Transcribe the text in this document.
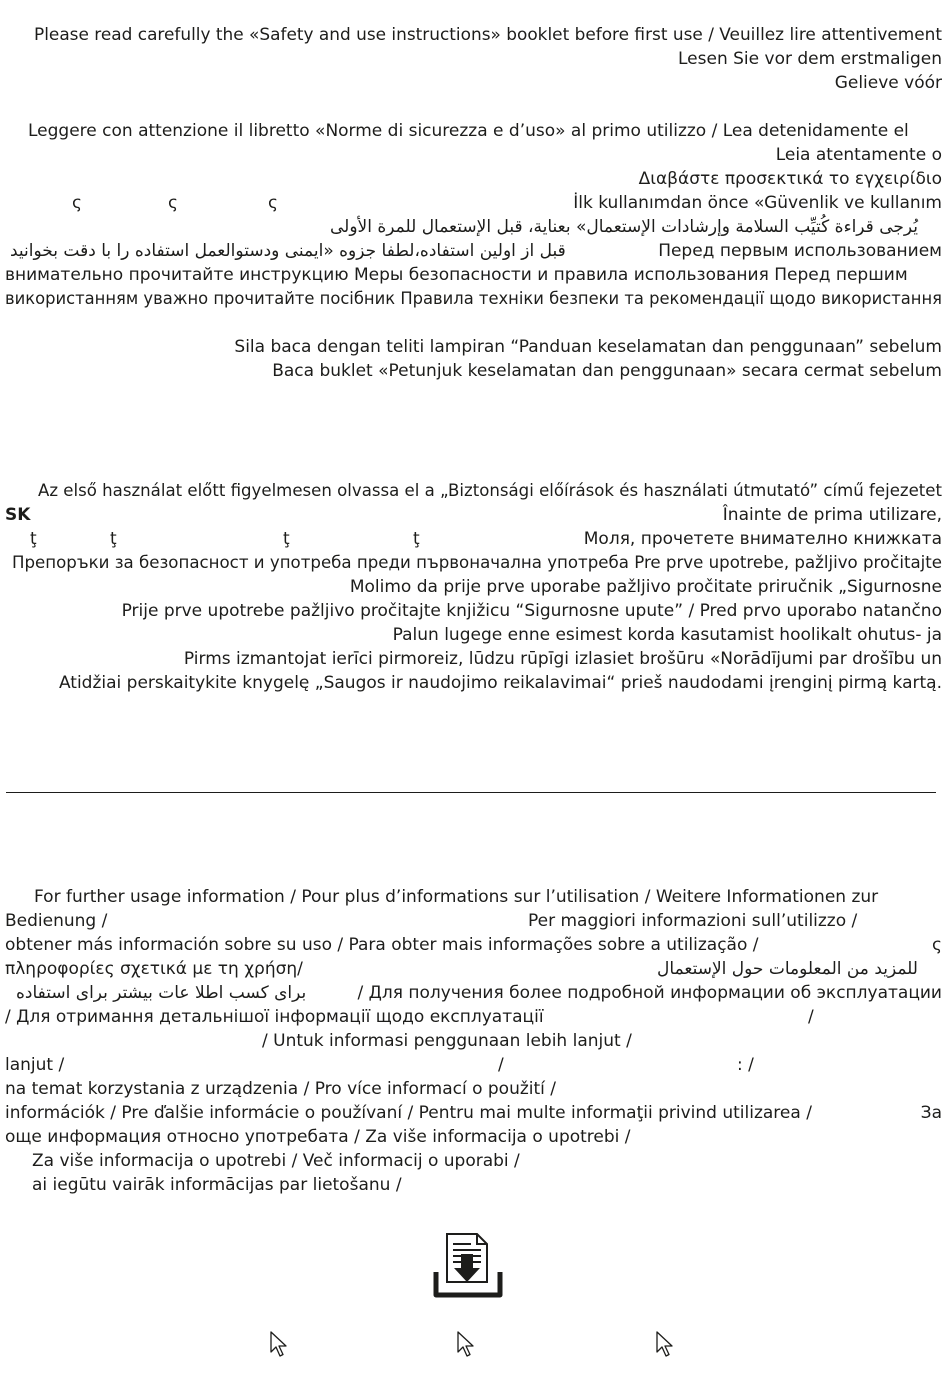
Please read carefully the «Safety and use instructions» booklet before first use / Veuillez lire attentivement
Lesen Sie vor dem erstmaligen
Gelieve vóór
Leggere con attenzione il libretto «Norme di sicurezza e d’uso» al primo utilizzo / Lea detenidamente el
Leia atentamente o
Διαβάστε προσεκτικά το εγχειρίδιο
İlk kullanımdan önce «Güvenlik ve kullanım
ς	ς	ς
يُرجى قراءة كُتيِّب السلامة وإرشادات الإستعمال» بعناية، قبل الإستعمال للمرة الأولى
قبل از اولین استفاده،لطفا جزوه «ایمنی ودستوالعمل استفاده را با دقت بخوانید	Перед первым использованием
внимательно прочитайте инструкцию Меры безопасности и правила использования Перед першим
використанням уважно прочитайте посібник Правила техніки безпеки та рекомендації щодо використання
Sila baca dengan teliti lampiran “Panduan keselamatan dan penggunaan” sebelum
Baca buklet «Petunjuk keselamatan dan penggunaan» secara cermat sebelum
Az első használat előtt figyelmesen olvassa el a „Biztonsági előírások és használati útmutató” című fejezetet
SK	Înainte de prima utilizare,
ţ	ţ	ţ	ţ	Моля, прочетете внимателно книжката
Препоръки за безопасност и употреба преди първоначална употреба Pre prve upotrebe, pažljivo pročitajte
Molimo da prije prve uporabe pažljivo pročitate priručnik „Sigurnosne
Prije prve upotrebe pažljivo pročitajte knjižicu “Sigurnosne upute” / Pred prvo uporabo natančno
Palun lugege enne esimest korda kasutamist hoolikalt ohutus- ja
Pirms izmantojat ierīci pirmoreiz, lūdzu rūpīgi izlasiet brošūru «Norādījumi par drošību un
Atidžiai perskaitykite knygelę „Saugos ir naudojimo reikalavimai“ prieš naudodami įrenginį pirmą kartą.
For further usage information / Pour plus d’informations sur l’utilisation / Weitere Informationen zur
Bedienung /	Per maggiori informazioni sull’utilizzo /
obtener más información sobre su uso / Para obter mais informações sobre a utilização /	ς
πληροφορίες σχετικά με τη χρήση/	للمزيد من المعلومات حول الإستعمال
برای کسب اطلا عات بیشتر برای استفاده	/ Для получения более подробной информации об эксплуатации
/ Для отримання детальнішої інформації щодо експлуатації	/
/ Untuk informasi penggunaan lebih lanjut /
lanjut /	/	: /
na temat korzystania z urządzenia / Pro více informací o použití /
információk / Pre ďalšie informácie o používaní / Pentru mai multe informaţii privind utilizarea /	За
още информация относно употребата / Za više informacija o upotrebi /
Za više informacija o upotrebi / Več informacij o uporabi /
ai iegūtu vairāk informācijas par lietošanu /
